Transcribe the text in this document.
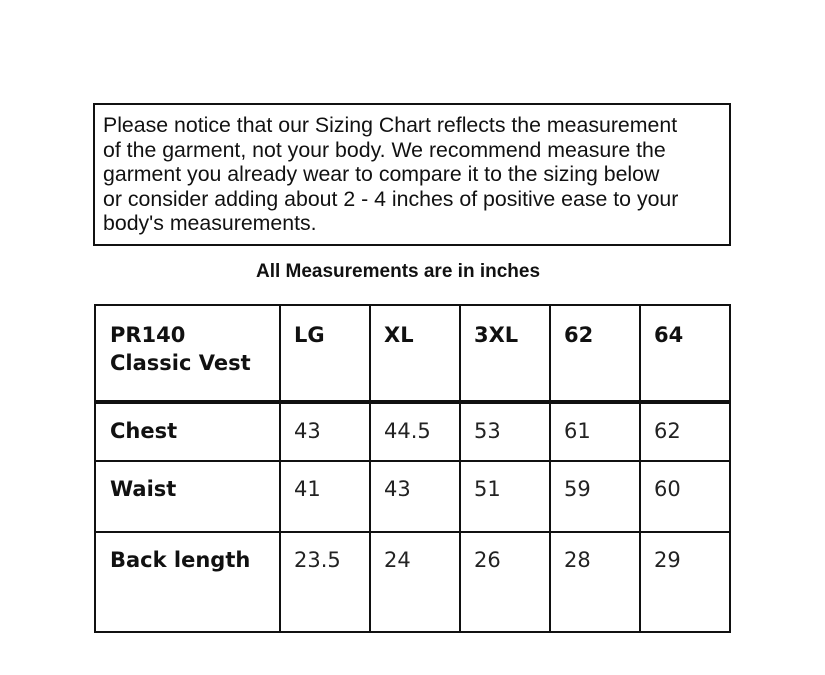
Please notice that our Sizing Chart reflects the measurement
of the garment, not your body. We recommend measure the
garment you already wear to compare it to the sizing below
or consider adding about 2 - 4 inches of positive ease to your
body's measurements.

All Measurements are in inches
PR140
Classic Vest	LG	XL	3XL	62	64
Chest	43	44.5	53	61	62
Waist	41	43	51	59	60
Back length	23.5	24	26	28	29
